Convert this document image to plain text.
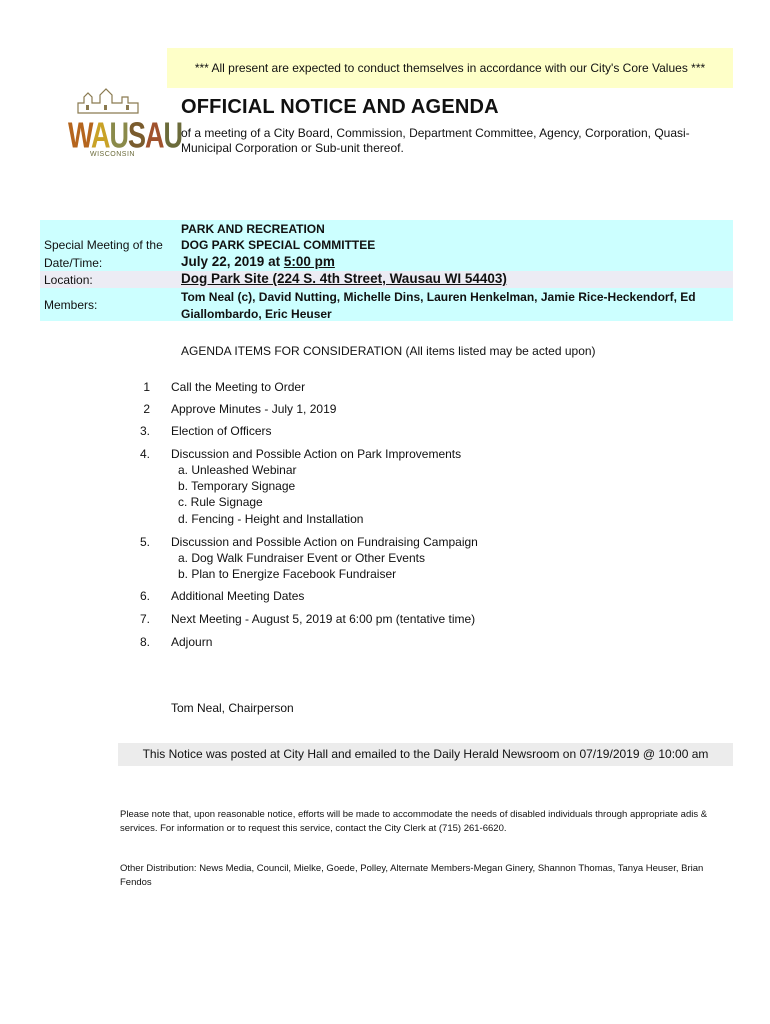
*** All present are expected to conduct themselves in accordance with our City's Core Values ***
WAUSAU
WISCONSIN
OFFICIAL NOTICE AND AGENDA
of a meeting of a City Board, Commission, Department Committee, Agency, Corporation, Quasi-Municipal Corporation or Sub-unit thereof.
PARK AND RECREATION
Special Meeting of the DOG PARK SPECIAL COMMITTEE
Date/Time:	July 22, 2019 at 5:00 pm
Location:	Dog Park Site (224 S. 4th Street, Wausau WI 54403)
Members:
Tom Neal (c), David Nutting, Michelle Dins, Lauren Henkelman, Jamie Rice-Heckendorf, Ed
Giallombardo, Eric Heuser
AGENDA ITEMS FOR CONSIDERATION (All items listed may be acted upon)
1 Call the Meeting to Order
2 Approve Minutes - July 1, 2019
3. Election of Officers
4. Discussion and Possible Action on Park Improvements
a. Unleashed Webinar
b. Temporary Signage
c. Rule Signage
d. Fencing - Height and Installation
5. Discussion and Possible Action on Fundraising Campaign
a. Dog Walk Fundraiser Event or Other Events
b. Plan to Energize Facebook Fundraiser
6. Additional Meeting Dates
7. Next Meeting - August 5, 2019 at 6:00 pm (tentative time)
8. Adjourn
Tom Neal, Chairperson
This Notice was posted at City Hall and emailed to the Daily Herald Newsroom on 07/19/2019 @ 10:00 am
Please note that, upon reasonable notice, efforts will be made to accommodate the needs of disabled individuals through appropriate adis & services. For information or to request this service, contact the City Clerk at (715) 261-6620.
Other Distribution: News Media, Council, Mielke, Goede, Polley, Alternate Members-Megan Ginery, Shannon Thomas, Tanya Heuser, Brian Fendos
